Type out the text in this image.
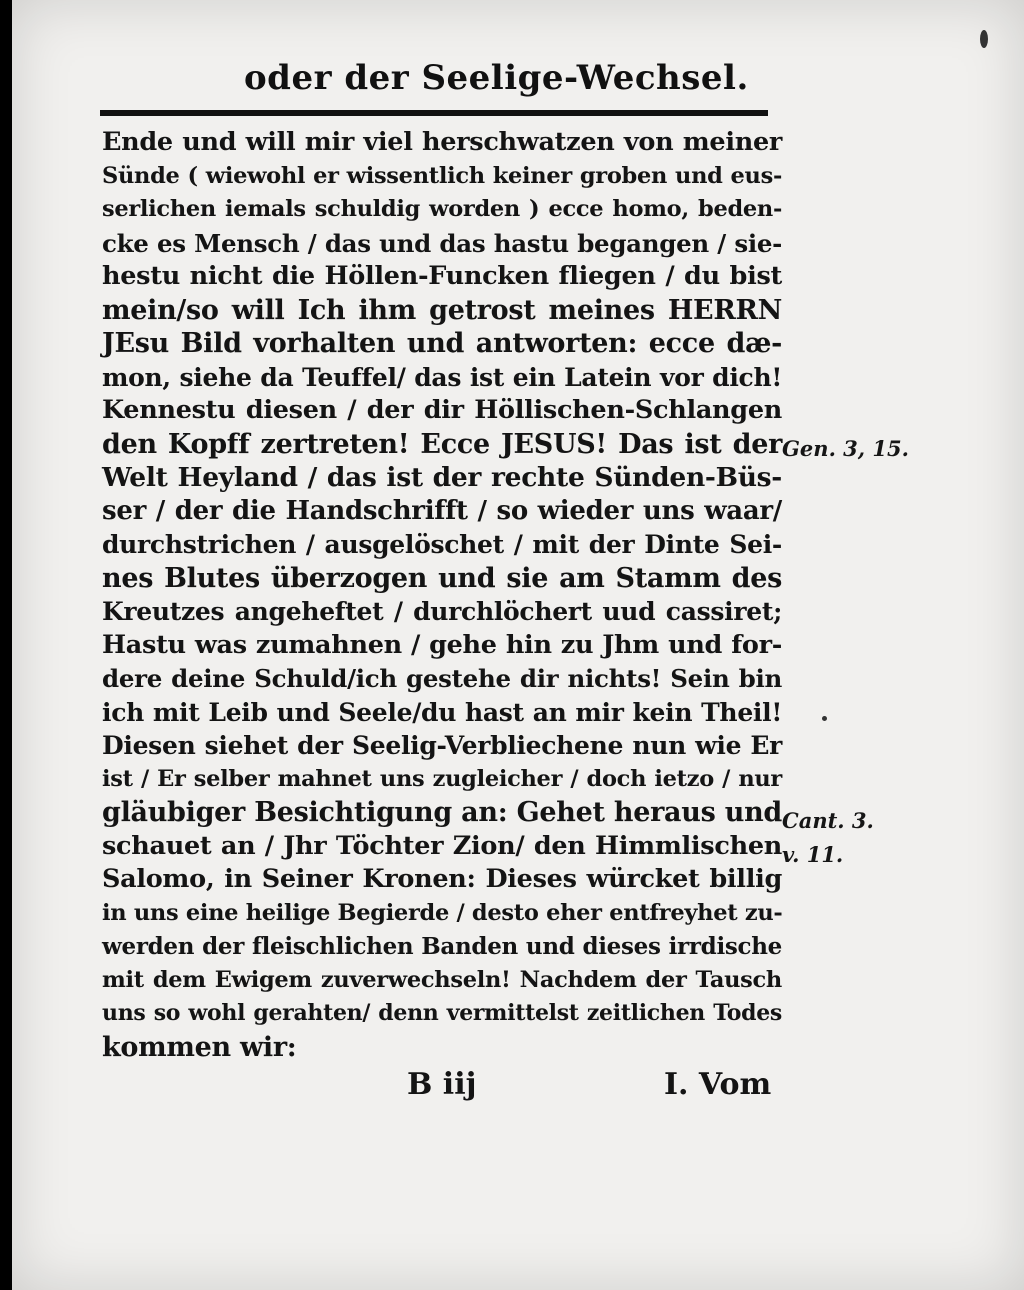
oder der Seelige-Wechsel.
Ende und will mir viel herschwatzen von meiner
Sünde ( wiewohl er wissentlich keiner groben und eus-
serlichen iemals schuldig worden ) ecce homo, beden-
cke es Mensch / das und das hastu begangen / sie-
hestu nicht die Höllen-Funcken fliegen / du bist
mein/so will Ich ihm getrost meines HERRN
JEsu Bild vorhalten und antworten: ecce dæ-
mon, siehe da Teuffel/ das ist ein Latein vor dich!
Kennestu diesen / der dir Höllischen-Schlangen
den Kopff zertreten! Ecce JESUS! Das ist der
Welt Heyland / das ist der rechte Sünden-Büs-
ser / der die Handschrifft / so wieder uns waar/
durchstrichen / ausgelöschet / mit der Dinte Sei-
nes Blutes überzogen und sie am Stamm des
Kreutzes angeheftet / durchlöchert uud cassiret;
Hastu was zumahnen / gehe hin zu Jhm und for-
dere deine Schuld/ich gestehe dir nichts! Sein bin
ich mit Leib und Seele/du hast an mir kein Theil!
Diesen siehet der Seelig-Verbliechene nun wie Er
ist / Er selber mahnet uns zugleicher / doch ietzo / nur
gläubiger Besichtigung an: Gehet heraus und
schauet an / Jhr Töchter Zion/ den Himmlischen
Salomo, in Seiner Kronen: Dieses würcket billig
in uns eine heilige Begierde / desto eher entfreyhet zu-
werden der fleischlichen Banden und dieses irrdische
mit dem Ewigem zuverwechseln! Nachdem der Tausch
uns so wohl gerahten/ denn vermittelst zeitlichen Todes
kommen wir:
Gen. 3, 15.
Cant. 3.
v. 11.
B iij	I. Vom
